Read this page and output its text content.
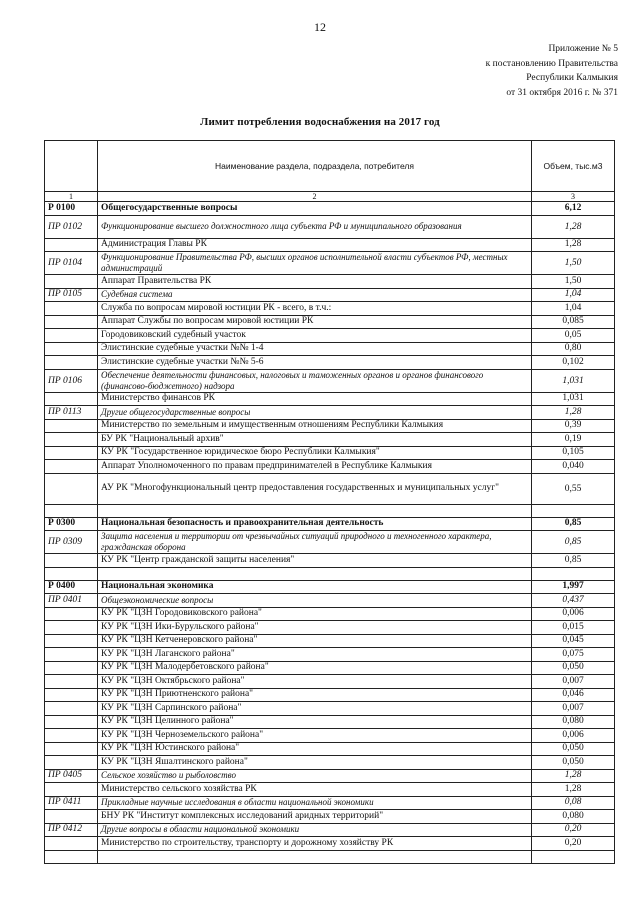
12
Приложение № 5
к постановлению Правительства
Республики Калмыкия
от 31 октября 2016 г. № 371
Лимит потребления водоснабжения на 2017 год
	Наименование раздела, подраздела, потребителя	Объем, тыс.м3
1	2	3
Р 0100	Общегосударственные вопросы	6,12
ПР 0102	Функционирование высшего должностного лица субъекта РФ и муниципального образования	1,28
	Администрация Главы РК	1,28
ПР 0104	Функционирование Правительства РФ, высших органов исполнительной власти субъектов РФ, местных администраций	1,50
	Аппарат Правительства РК	1,50
ПР 0105	Судебная система	1,04
	Служба по вопросам мировой юстиции РК - всего, в т.ч.:	1,04
	Аппарат Службы по вопросам мировой юстиции РК	0,085
	Городовиковский судебный участок	0,05
	Элистинские судебные участки №№ 1-4	0,80
	Элистинские судебные участки №№ 5-6	0,102
ПР 0106	Обеспечение деятельности финансовых, налоговых и таможенных органов и органов финансового (финансово-бюджетного) надзора	1,031
	Министерство финансов РК	1,031
ПР 0113	Другие общегосударственные вопросы	1,28
	Министерство по земельным и имущественным отношениям Республики Калмыкия	0,39
	БУ РК "Национальный архив"	0,19
	КУ РК "Государственное юридическое бюро Республики Калмыкия"	0,105
	Аппарат Уполномоченного по правам предпринимателей в Республике Калмыкия	0,040
	АУ РК "Многофункциональный центр предоставления государственных и муниципальных услуг"	0,55

Р 0300	Национальная безопасность и правоохранительная деятельность	0,85
ПР 0309	Защита населения и территории от чрезвычайных ситуаций природного и техногенного характера, гражданская оборона	0,85
	КУ РК "Центр гражданской защиты населения"	0,85

Р 0400	Национальная экономика	1,997
ПР 0401	Общеэкономические вопросы	0,437
	КУ РК "ЦЗН Городовиковского района"	0,006
	КУ РК "ЦЗН Ики-Бурульского района"	0,015
	КУ РК "ЦЗН Кетченеровского района"	0,045
	КУ РК "ЦЗН Лаганского района"	0,075
	КУ РК "ЦЗН Малодербетовского района"	0,050
	КУ РК "ЦЗН Октябрьского района"	0,007
	КУ РК "ЦЗН Приютненского района"	0,046
	КУ РК "ЦЗН Сарпинского района"	0,007
	КУ РК "ЦЗН Целинного района"	0,080
	КУ РК "ЦЗН Черноземельского района"	0,006
	КУ РК "ЦЗН Юстинского района"	0,050
	КУ РК "ЦЗН Яшалтинского района"	0,050
ПР 0405	Сельское хозяйство и рыболовство	1,28
	Министерство сельского хозяйства РК	1,28
ПР 0411	Прикладные научные исследования в области национальной экономики	0,08
	БНУ РК "Институт комплексных исследований аридных территорий"	0,080
ПР 0412	Другие вопросы в области национальной экономики	0,20
	Министерство по строительству, транспорту и дорожному хозяйству РК	0,20
